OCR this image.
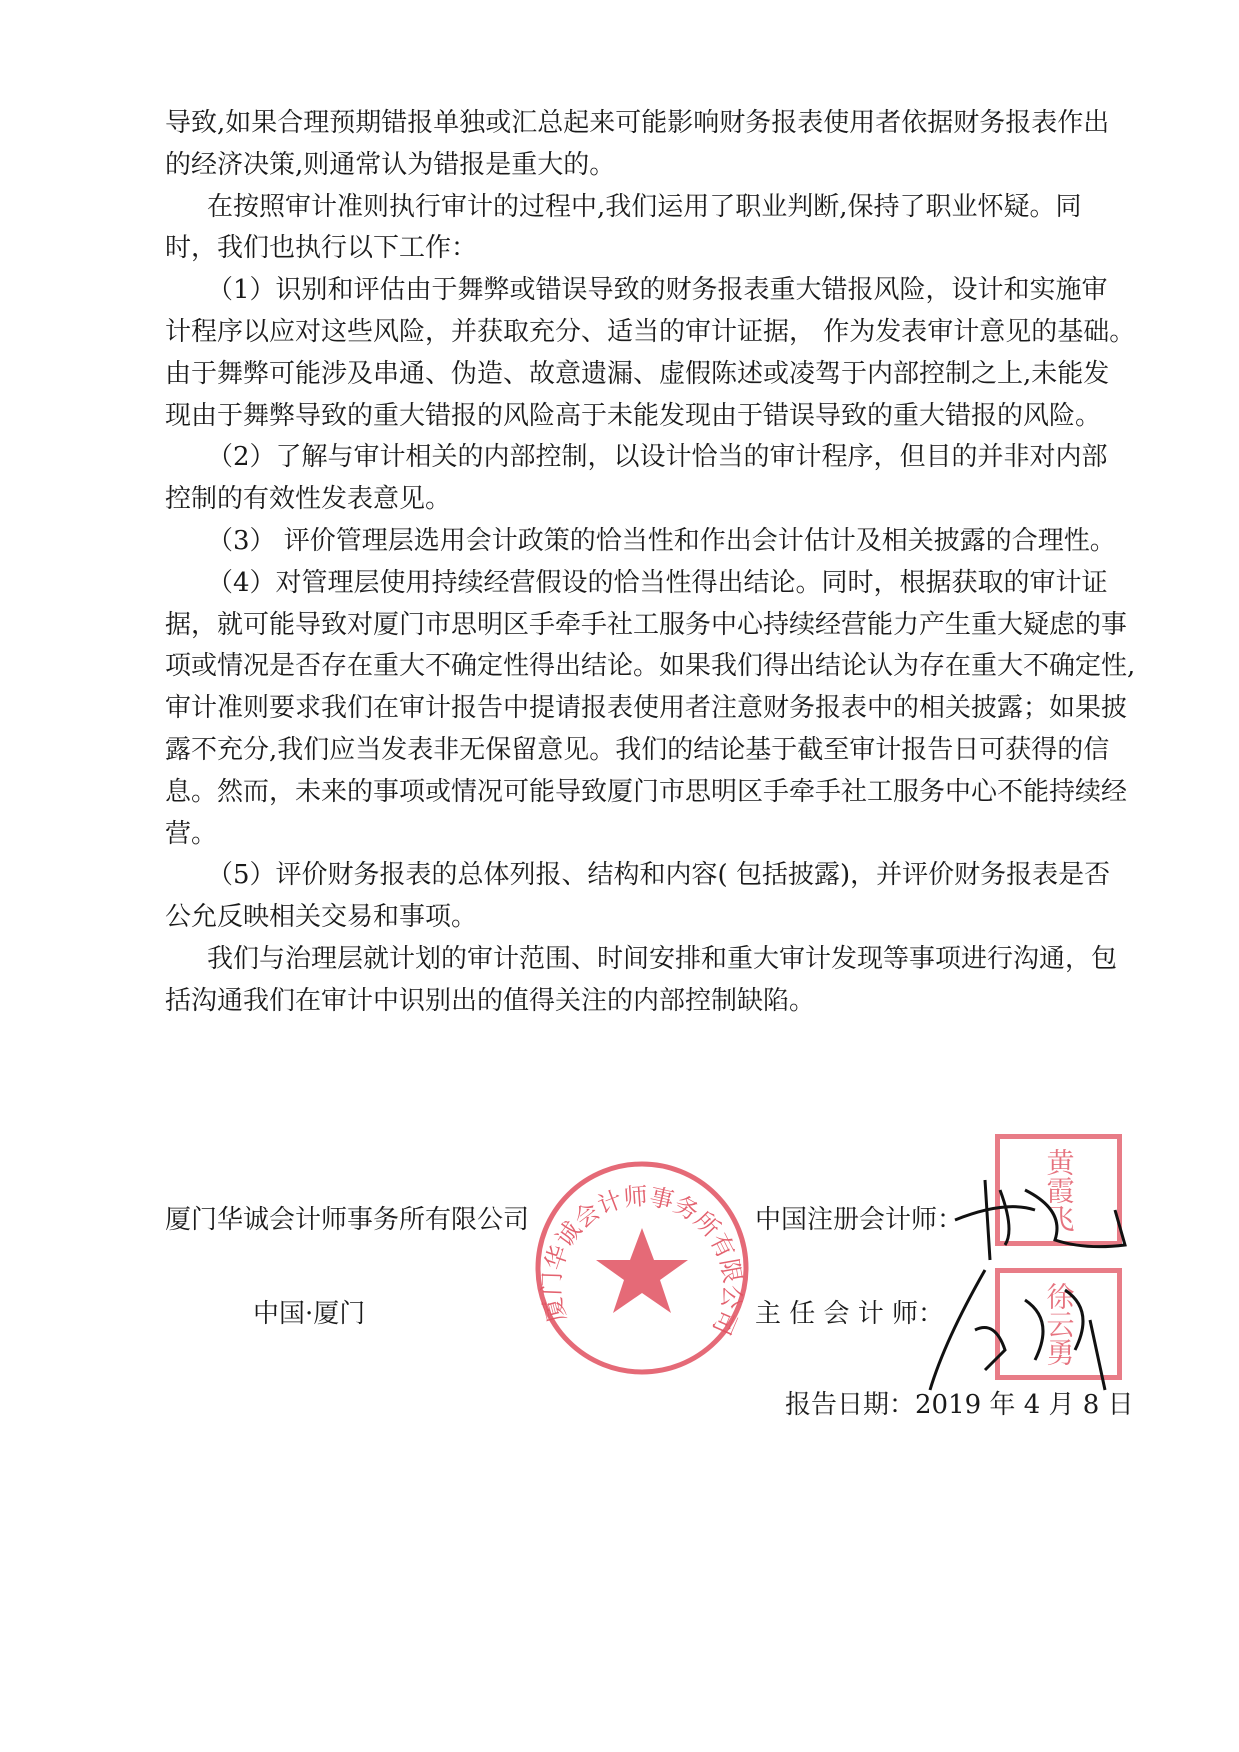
导致,如果合理预期错报单独或汇总起来可能影响财务报表使用者依据财务报表作出
的经济决策,则通常认为错报是重大的。
在按照审计准则执行审计的过程中,我们运用了职业判断,保持了职业怀疑。同
时，我们也执行以下工作：
（1）识别和评估由于舞弊或错误导致的财务报表重大错报风险，设计和实施审
计程序以应对这些风险，并获取充分、适当的审计证据， 作为发表审计意见的基础。
由于舞弊可能涉及串通、伪造、故意遗漏、虚假陈述或凌驾于内部控制之上,未能发
现由于舞弊导致的重大错报的风险高于未能发现由于错误导致的重大错报的风险。
（2）了解与审计相关的内部控制，以设计恰当的审计程序，但目的并非对内部
控制的有效性发表意见。
（3） 评价管理层选用会计政策的恰当性和作出会计估计及相关披露的合理性。
（4）对管理层使用持续经营假设的恰当性得出结论。同时，根据获取的审计证
据，就可能导致对厦门市思明区手牵手社工服务中心持续经营能力产生重大疑虑的事
项或情况是否存在重大不确定性得出结论。如果我们得出结论认为存在重大不确定性,
审计准则要求我们在审计报告中提请报表使用者注意财务报表中的相关披露；如果披
露不充分,我们应当发表非无保留意见。我们的结论基于截至审计报告日可获得的信
息。然而，未来的事项或情况可能导致厦门市思明区手牵手社工服务中心不能持续经
营。
（5）评价财务报表的总体列报、结构和内容( 包括披露)，并评价财务报表是否
公允反映相关交易和事项。
我们与治理层就计划的审计范围、时间安排和重大审计发现等事项进行沟通，包
括沟通我们在审计中识别出的值得关注的内部控制缺陷。
厦门华诚会计师事务所有限公司
黄霞飞
徐云勇
厦门华诚会计师事务所有限公司
中国·厦门
中国注册会计师：
主 任 会 计 师：
报告日期：2019 年 4 月 8 日
